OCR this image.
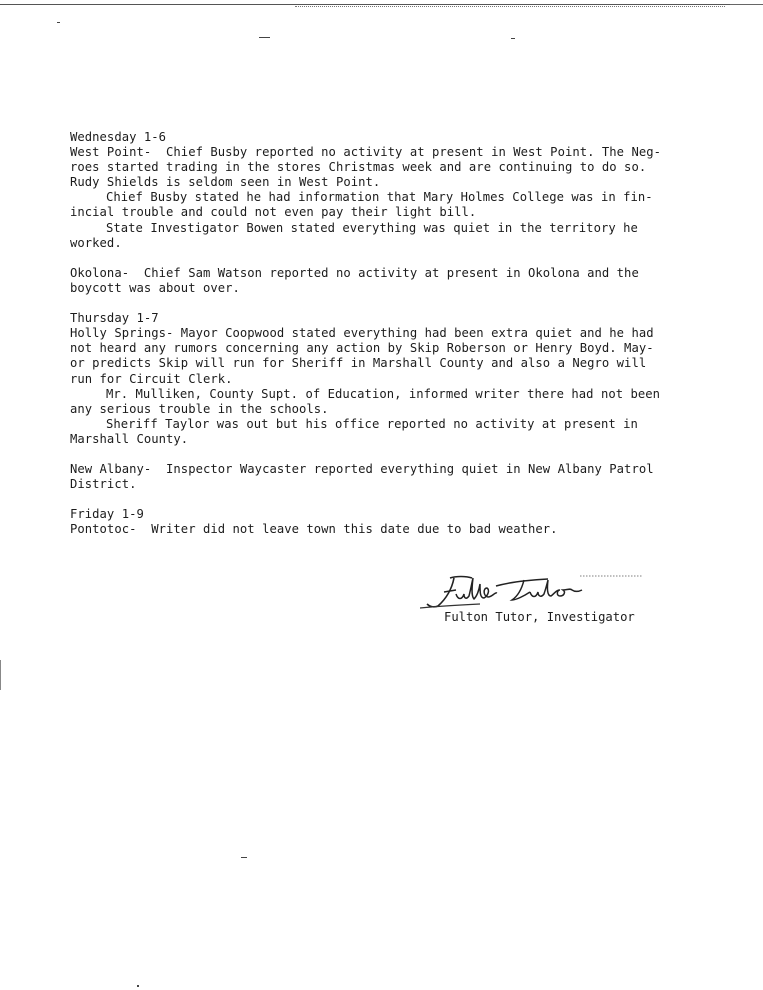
Wednesday 1-6
West Point-  Chief Busby reported no activity at present in West Point. The Neg-
roes started trading in the stores Christmas week and are continuing to do so.
Rudy Shields is seldom seen in West Point.
Chief Busby stated he had information that Mary Holmes College was in fin-
incial trouble and could not even pay their light bill.
State Investigator Bowen stated everything was quiet in the territory he
worked.
Okolona-  Chief Sam Watson reported no activity at present in Okolona and the
boycott was about over.
Thursday 1-7
Holly Springs- Mayor Coopwood stated everything had been extra quiet and he had
not heard any rumors concerning any action by Skip Roberson or Henry Boyd. May-
or predicts Skip will run for Sheriff in Marshall County and also a Negro will
run for Circuit Clerk.
Mr. Mulliken, County Supt. of Education, informed writer there had not been
any serious trouble in the schools.
Sheriff Taylor was out but his office reported no activity at present in
Marshall County.
New Albany-  Inspector Waycaster reported everything quiet in New Albany Patrol
District.
Friday 1-9
Pontotoc-  Writer did not leave town this date due to bad weather.
Fulton Tutor, Investigator
